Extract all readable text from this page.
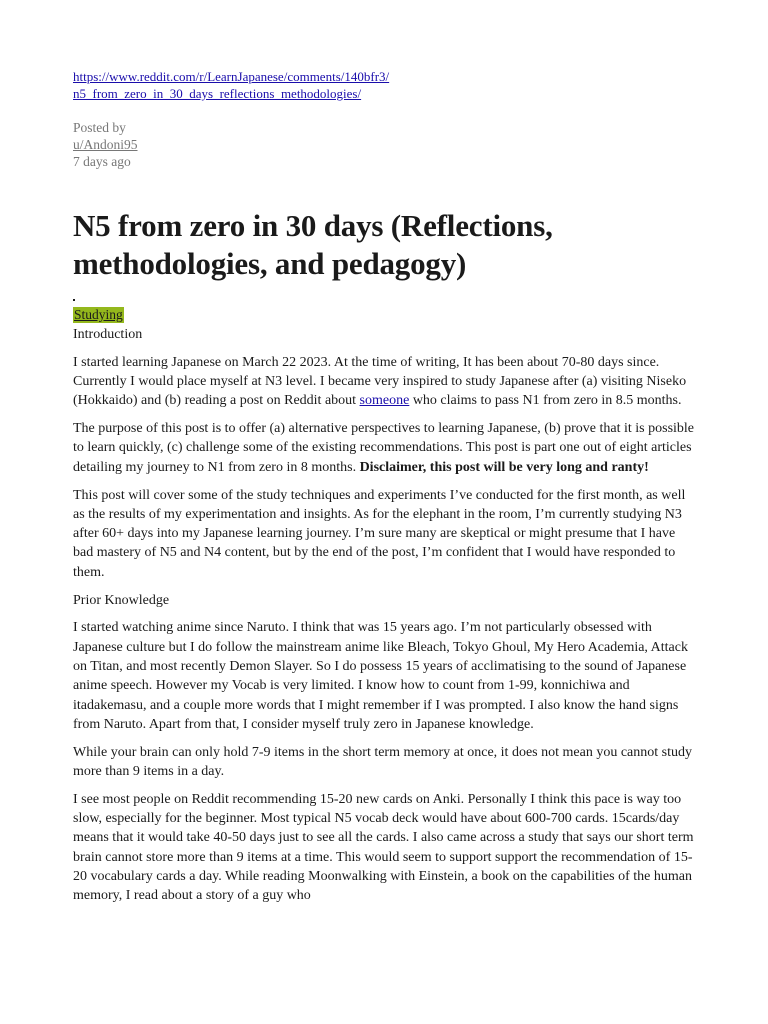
https://www.reddit.com/r/LearnJapanese/comments/140bfr3/
n5_from_zero_in_30_days_reflections_methodologies/
Posted by
u/Andoni95
7 days ago
N5 from zero in 30 days (Reflections,
methodologies, and pedagogy)
Studying
Introduction

I started learning Japanese on March 22 2023. At the time of writing, It has been about 70-80 days since. Currently I would place myself at N3 level. I became very inspired to study Japanese after (a) visiting Niseko (Hokkaido) and (b) reading a post on Reddit about someone who claims to pass N1 from zero in 8.5 months.

The purpose of this post is to offer (a) alternative perspectives to learning Japanese, (b) prove that it is possible to learn quickly, (c) challenge some of the existing recommendations. This post is part one out of eight articles detailing my journey to N1 from zero in 8 months. Disclaimer, this post will be very long and ranty!

This post will cover some of the study techniques and experiments I’ve conducted for the first month, as well as the results of my experimentation and insights. As for the elephant in the room, I’m currently studying N3 after 60+ days into my Japanese learning journey. I’m sure many are skeptical or might presume that I have bad mastery of N5 and N4 content, but by the end of the post, I’m confident that I would have responded to them.

Prior Knowledge

I started watching anime since Naruto. I think that was 15 years ago. I’m not particularly obsessed with Japanese culture but I do follow the mainstream anime like Bleach, Tokyo Ghoul, My Hero Academia, Attack on Titan, and most recently Demon Slayer. So I do possess 15 years of acclimatising to the sound of Japanese anime speech. However my Vocab is very limited. I know how to count from 1-99, konnichiwa and itadakemasu, and a couple more words that I might remember if I was prompted. I also know the hand signs from Naruto. Apart from that, I consider myself truly zero in Japanese knowledge.

While your brain can only hold 7-9 items in the short term memory at once, it does not mean you cannot study more than 9 items in a day.

I see most people on Reddit recommending 15-20 new cards on Anki. Personally I think this pace is way too slow, especially for the beginner. Most typical N5 vocab deck would have about 600-700 cards. 15cards/day means that it would take 40-50 days just to see all the cards. I also came across a study that says our short term brain cannot store more than 9 items at a time. This would seem to support support the recommendation of 15-20 vocabulary cards a day. While reading Moonwalking with Einstein, a book on the capabilities of the human memory, I read about a story of a guy who
